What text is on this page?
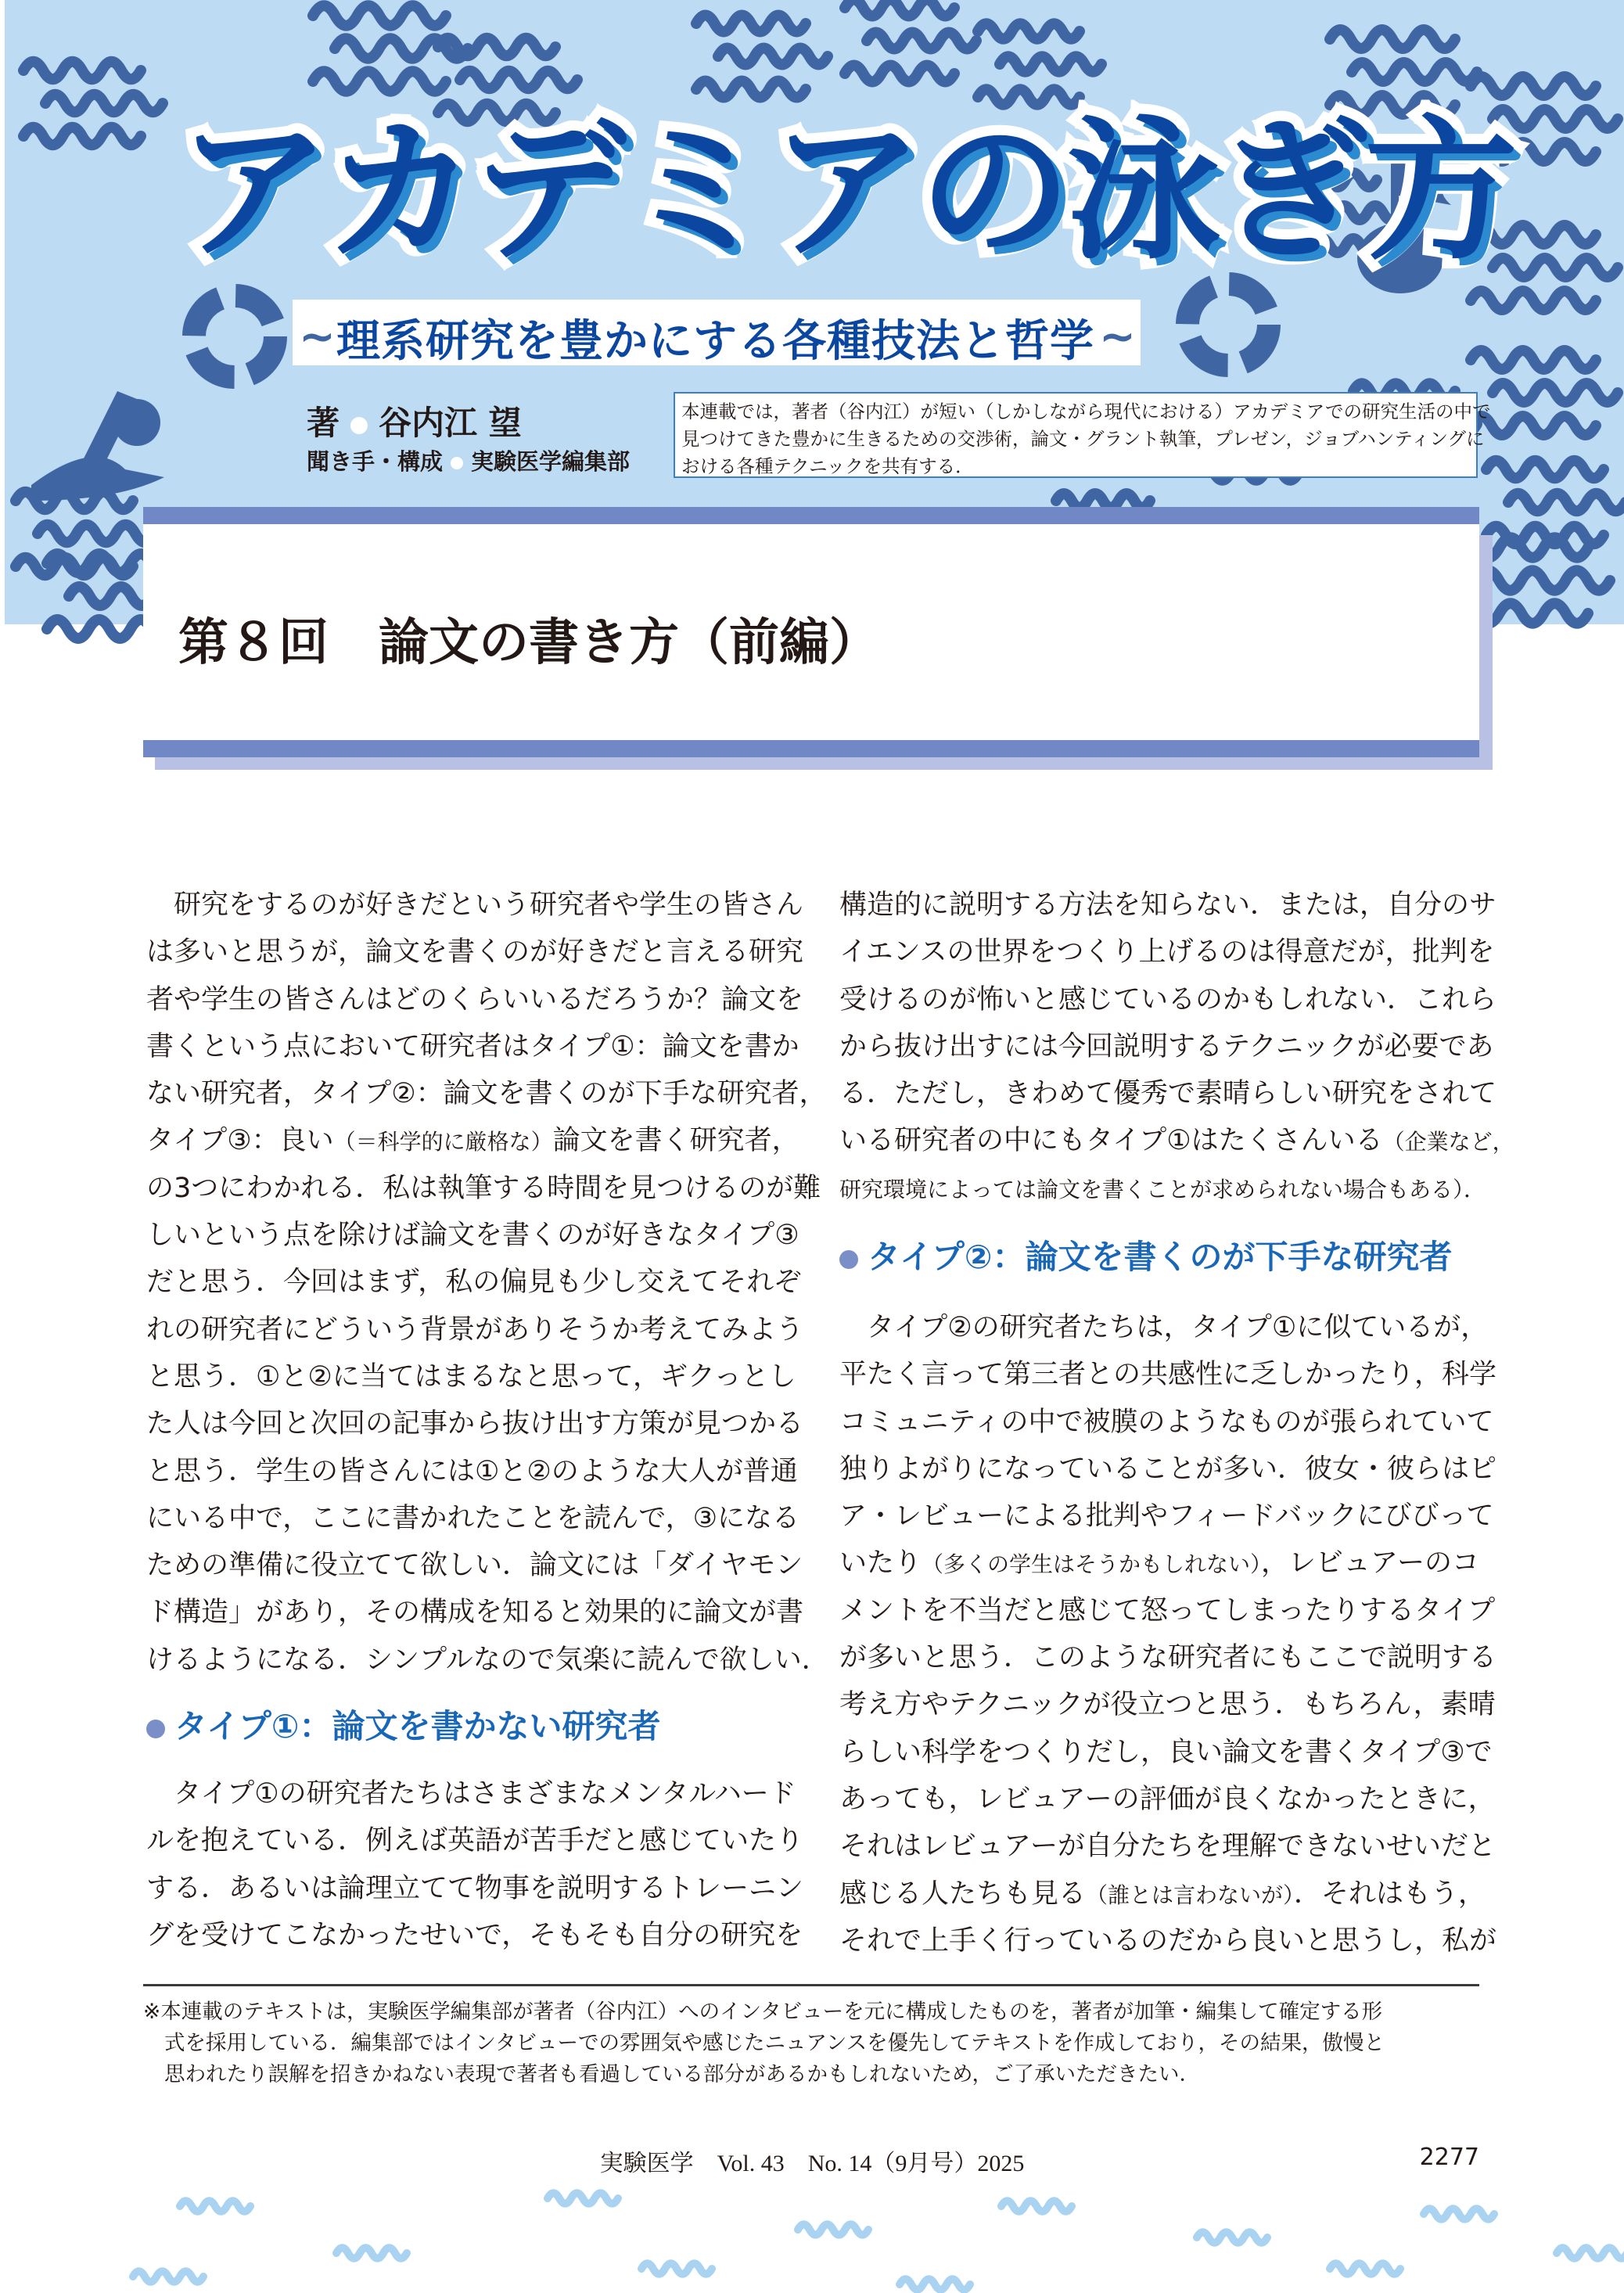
アカデミアの泳ぎ方
∼	∼
理系研究を豊かにする各種技法と哲学
著 谷内江 望
聞き手・構成 実験医学編集部
本連載では，著者（谷内江）が短い（しかしながら現代における）アカデミアでの研究生活の中で
見つけてきた豊かに生きるための交渉術，論文・グラント執筆，プレゼン，ジョブハンティングに
おける各種テクニックを共有する．
第８回　論文の書き方（前編）
研究をするのが好きだという研究者や学生の皆さん
は多いと思うが，論文を書くのが好きだと言える研究
者や学生の皆さんはどのくらいいるだろうか？論文を
書くという点において研究者はタイプ①：論文を書か
ない研究者，タイプ②：論文を書くのが下手な研究者，
タイプ③：良い（＝科学的に厳格な）論文を書く研究者，
の3つにわかれる．私は執筆する時間を見つけるのが難
しいという点を除けば論文を書くのが好きなタイプ③
だと思う．今回はまず，私の偏見も少し交えてそれぞ
れの研究者にどういう背景がありそうか考えてみよう
と思う．①と②に当てはまるなと思って，ギクっとし
た人は今回と次回の記事から抜け出す方策が見つかる
と思う．学生の皆さんには①と②のような大人が普通
にいる中で，ここに書かれたことを読んで，③になる
ための準備に役立てて欲しい．論文には「ダイヤモン
ド構造」があり，その構成を知ると効果的に論文が書
けるようになる．シンプルなので気楽に読んで欲しい．
タイプ①：論文を書かない研究者
タイプ①の研究者たちはさまざまなメンタルハード
ルを抱えている．例えば英語が苦手だと感じていたり
する．あるいは論理立てて物事を説明するトレーニン
グを受けてこなかったせいで，そもそも自分の研究を
構造的に説明する方法を知らない．または，自分のサ
イエンスの世界をつくり上げるのは得意だが，批判を
受けるのが怖いと感じているのかもしれない．これら
から抜け出すには今回説明するテクニックが必要であ
る．ただし，きわめて優秀で素晴らしい研究をされて
いる研究者の中にもタイプ①はたくさんいる（企業など，
研究環境によっては論文を書くことが求められない場合もある）．
タイプ②：論文を書くのが下手な研究者
タイプ②の研究者たちは，タイプ①に似ているが，
平たく言って第三者との共感性に乏しかったり，科学
コミュニティの中で被膜のようなものが張られていて
独りよがりになっていることが多い．彼女・彼らはピ
ア・レビューによる批判やフィードバックにびびって
いたり（多くの学生はそうかもしれない），レビュアーのコ
メントを不当だと感じて怒ってしまったりするタイプ
が多いと思う．このような研究者にもここで説明する
考え方やテクニックが役立つと思う．もちろん，素晴
らしい科学をつくりだし，良い論文を書くタイプ③で
あっても，レビュアーの評価が良くなかったときに，
それはレビュアーが自分たちを理解できないせいだと
感じる人たちも見る（誰とは言わないが）．それはもう，
それで上手く行っているのだから良いと思うし，私が
※本連載のテキストは，実験医学編集部が著者（谷内江）へのインタビューを元に構成したものを，著者が加筆・編集して確定する形
式を採用している．編集部ではインタビューでの雰囲気や感じたニュアンスを優先してテキストを作成しており，その結果，傲慢と
思われたり誤解を招きかねない表現で著者も看過している部分があるかもしれないため，ご了承いただきたい．
実験医学　Vol. 43　No. 14（9月号）2025	2277
